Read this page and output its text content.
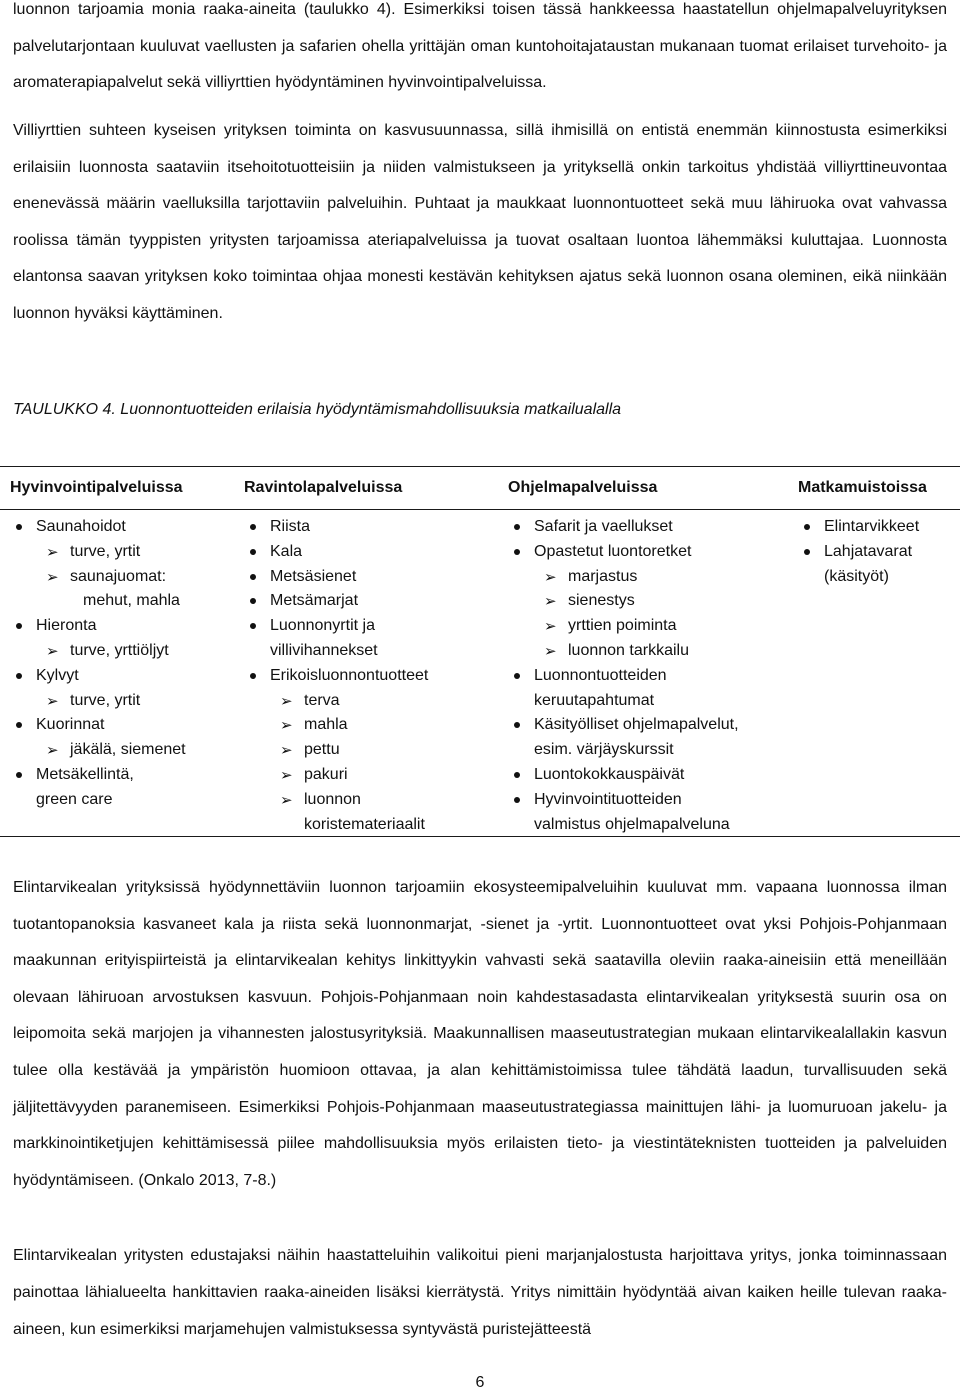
luonnon tarjoamia monia raaka-aineita (taulukko 4). Esimerkiksi toisen tässä hankkeessa haastatellun ohjelmapalveluyrityksen palvelutarjontaan kuuluvat vaellusten ja safarien ohella yrittäjän oman kuntohoitajataustan mukanaan tuomat erilaiset turvehoito- ja aromaterapiapalvelut sekä villiyrttien hyödyntäminen hyvinvointipalveluissa.

Villiyrttien suhteen kyseisen yrityksen toiminta on kasvusuunnassa, sillä ihmisillä on entistä enemmän kiinnostusta esimerkiksi erilaisiin luonnosta saataviin itsehoitotuotteisiin ja niiden valmistukseen ja yrityksellä onkin tarkoitus yhdistää villiyrttineuvontaa enenevässä määrin vaelluksilla tarjottaviin palveluihin. Puhtaat ja maukkaat luonnontuotteet sekä muu lähiruoka ovat vahvassa roolissa tämän tyyppisten yritysten tarjoamissa ateriapalveluissa ja tuovat osaltaan luontoa lähemmäksi kuluttajaa. Luonnosta elantonsa saavan yrityksen koko toimintaa ohjaa monesti kestävän kehityksen ajatus sekä luonnon osana oleminen, eikä niinkään luonnon hyväksi käyttäminen.

TAULUKKO 4. Luonnontuotteiden erilaisia hyödyntämismahdollisuuksia matkailualalla

Hyvinvointipalveluissa

Saunahoidot
➢ turve, yrtit
➢ saunajuomat:
mehut, mahla
Hieronta
➢ turve, yrttiöljyt
Kylvyt
➢ turve, yrtit
Kuorinnat
➢ jäkälä, siemenet
Metsäkellintä,
green care

Ravintolapalveluissa

Riista
Kala
Metsäsienet
Metsämarjat
Luonnonyrtit ja
villivihannekset
Erikoisluonnontuotteet
➢ terva
➢ mahla
➢ pettu
➢ pakuri
➢ luonnon
koristemateriaalit

Ohjelmapalveluissa

Safarit ja vaellukset
Opastetut luontoretket
➢ marjastus
➢ sienestys
➢ yrttien poiminta
➢ luonnon tarkkailu
Luonnontuotteiden
keruutapahtumat
Käsityölliset ohjelmapalvelut,
esim. värjäyskurssit
Luontokokkauspäivät
Hyvinvointituotteiden
valmistus ohjelmapalveluna

Matkamuistoissa

Elintarvikkeet
Lahjatavarat
(käsityöt)

Elintarvikealan yrityksissä hyödynnettäviin luonnon tarjoamiin ekosysteemipalveluihin kuuluvat mm. vapaana luonnossa ilman tuotantopanoksia kasvaneet kala ja riista sekä luonnonmarjat, -sienet ja -yrtit. Luonnontuotteet ovat yksi Pohjois-Pohjanmaan maakunnan erityispiirteistä ja elintarvikealan kehitys linkittyykin vahvasti sekä saatavilla oleviin raaka-aineisiin että meneillään olevaan lähiruoan arvostuksen kasvuun. Pohjois-Pohjanmaan noin kahdestasadasta elintarvikealan yrityksestä suurin osa on leipomoita sekä marjojen ja vihannesten jalostusyrityksiä. Maakunnallisen maaseutustrategian mukaan elintarvikealallakin kasvun tulee olla kestävää ja ympäristön huomioon ottavaa, ja alan kehittämistoimissa tulee tähdätä laadun, turvallisuuden sekä jäljitettävyyden paranemiseen. Esimerkiksi Pohjois-Pohjanmaan maaseutustrategiassa mainittujen lähi- ja luomuruoan jakelu- ja markkinointiketjujen kehittämisessä piilee mahdollisuuksia myös erilaisten tieto- ja viestintäteknisten tuotteiden ja palveluiden hyödyntämiseen. (Onkalo 2013, 7-8.)

Elintarvikealan yritysten edustajaksi näihin haastatteluihin valikoitui pieni marjanjalostusta harjoittava yritys, jonka toiminnassaan painottaa lähialueelta hankittavien raaka-aineiden lisäksi kierrätystä. Yritys nimittäin hyödyntää aivan kaiken heille tulevan raaka-aineen, kun esimerkiksi marjamehujen valmistuksessa syntyvästä puristejätteestä

6
